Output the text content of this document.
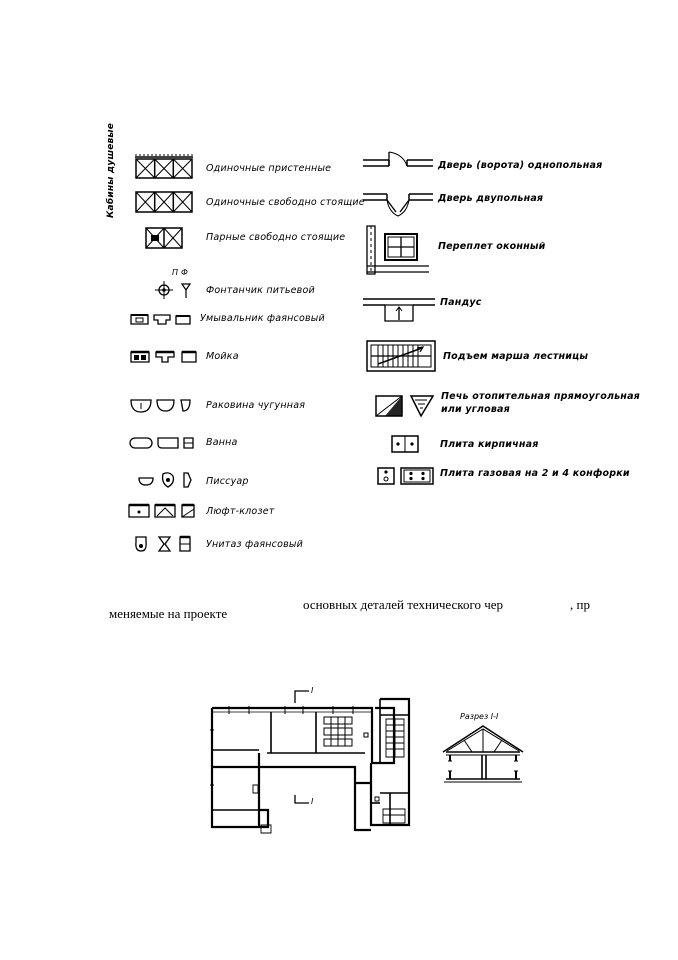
Кабины душевые	Одиночные пристенные
Одиночные свободно стоящие
Парные свободно стоящие
П Ф
Фонтанчик питьевой
Умывальник фаянсовый
Мойка
Раковина чугунная
Ванна
Писсуар
Люфт-клозет
Унитаз фаянсовый
Дверь (ворота) однопольная
Дверь двупольная
Переплет оконный
Пандус
Подъем марша лестницы
Печь отопительная прямоугольная
или угловая
Плита кирпичная
Плита газовая на 2 и 4 конфорки
основных деталей технического чер	, пр
меняемые на проекте
I
I
Разрез I-I
